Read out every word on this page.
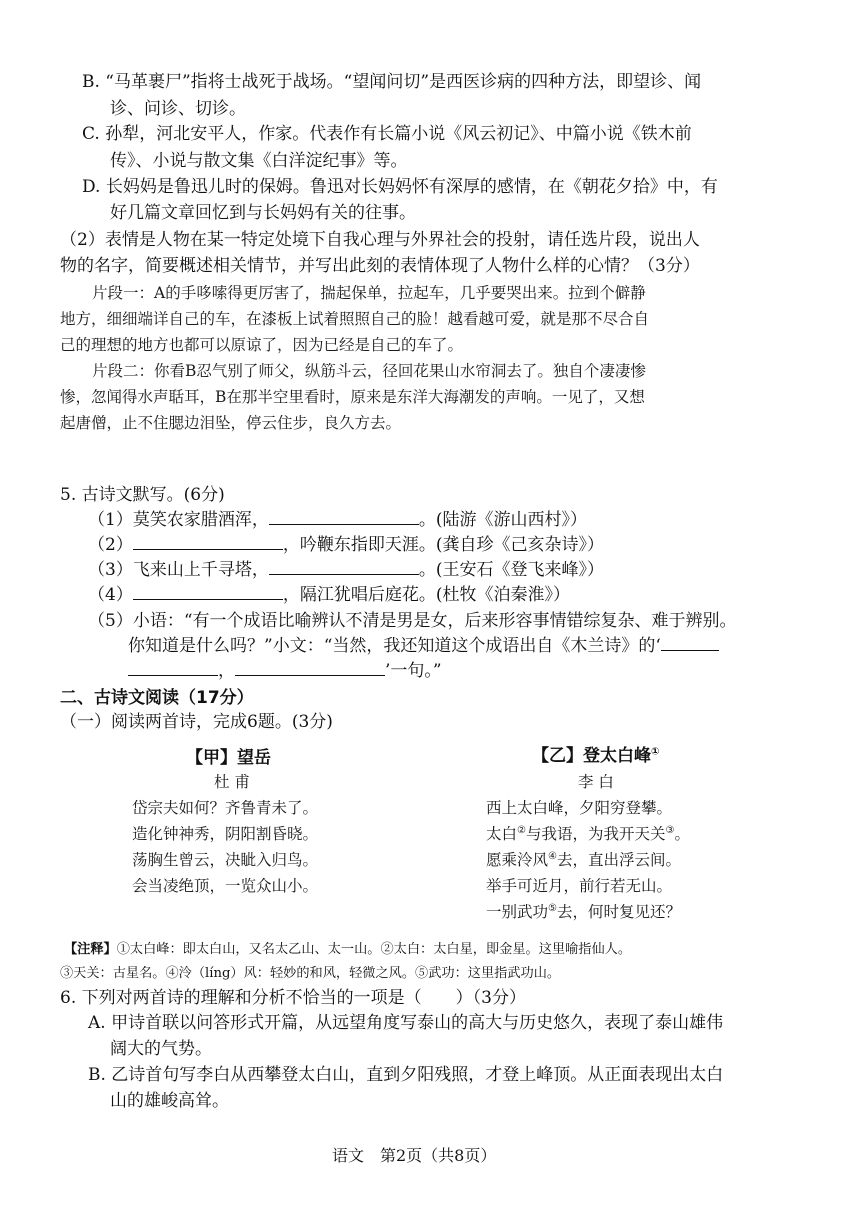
B. “马革裹尸”指将士战死于战场。“望闻问切”是西医诊病的四种方法，即望诊、闻
诊、问诊、切诊。
C. 孙犁，河北安平人，作家。代表作有长篇小说《风云初记》、中篇小说《铁木前
传》、小说与散文集《白洋淀纪事》等。
D. 长妈妈是鲁迅儿时的保姆。鲁迅对长妈妈怀有深厚的感情，在《朝花夕拾》中，有
好几篇文章回忆到与长妈妈有关的往事。
（2）表情是人物在某一特定处境下自我心理与外界社会的投射，请任选片段，说出人
物的名字，简要概述相关情节，并写出此刻的表情体现了人物什么样的心情？（3分）
片段一：A的手哆嗦得更厉害了，揣起保单，拉起车，几乎要哭出来。拉到个僻静
地方，细细端详自己的车，在漆板上试着照照自己的脸！越看越可爱，就是那不尽合自
己的理想的地方也都可以原谅了，因为已经是自己的车了。
片段二：你看B忍气别了师父，纵筋斗云，径回花果山水帘洞去了。独自个凄凄惨
惨，忽闻得水声聒耳，B在那半空里看时，原来是东洋大海潮发的声响。一见了，又想
起唐僧，止不住腮边泪坠，停云住步，良久方去。
5. 古诗文默写。(6分)
（1）莫笑农家腊酒浑，	。(陆游《游山西村》）
（2）	，吟鞭东指即天涯。(龚自珍《己亥杂诗》）
（3）飞来山上千寻塔，	。(王安石《登飞来峰》）
（4）	，隔江犹唱后庭花。(杜牧《泊秦淮》）
（5）小语：“有一个成语比喻辨认不清是男是女，后来形容事情错综复杂、难于辨别。
你知道是什么吗？”小文：“当然，我还知道这个成语出自《木兰诗》的‘
，	’一句。”
二、古诗文阅读（17分）
（一）阅读两首诗，完成6题。(3分)
【甲】望岳
杜 甫
岱宗夫如何？齐鲁青未了。
造化钟神秀，阴阳割昏晓。
荡胸生曾云，决眦入归鸟。
会当凌绝顶，一览众山小。
【乙】登太白峰①
李 白
西上太白峰，夕阳穷登攀。
太白②与我语，为我开天关③。
愿乘泠风④去，直出浮云间。
举手可近月，前行若无山。
一别武功⑤去，何时复见还？
【注释】①太白峰：即太白山，又名太乙山、太一山。②太白：太白星，即金星。这里喻指仙人。
③天关：古星名。④泠（líng）风：轻妙的和风，轻微之风。⑤武功：这里指武功山。
6. 下列对两首诗的理解和分析不恰当的一项是（　　）（3分）
A. 甲诗首联以问答形式开篇，从远望角度写泰山的高大与历史悠久，表现了泰山雄伟
阔大的气势。
B. 乙诗首句写李白从西攀登太白山，直到夕阳残照，才登上峰顶。从正面表现出太白
山的雄峻高耸。
语文　第2页（共8页）
